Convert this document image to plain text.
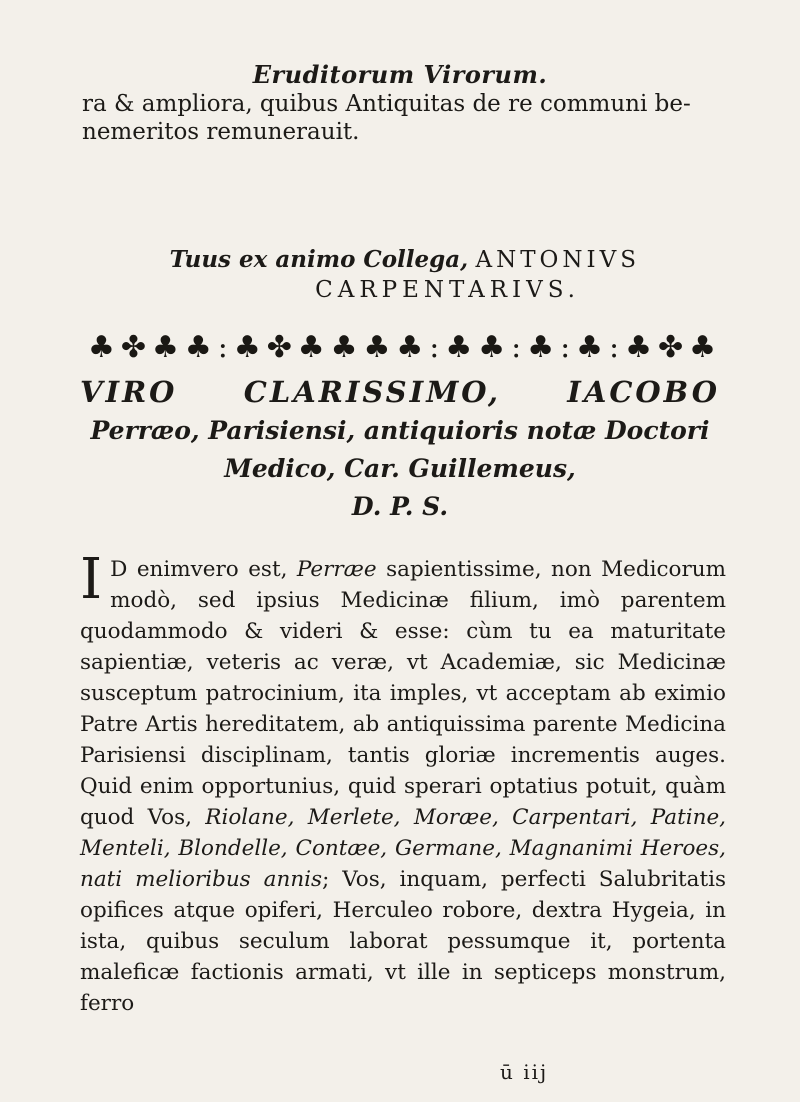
Eruditorum Virorum.
ra & ampliora, quibus Antiquitas de re communi be-nemeritos remunerauit.
Tuus ex animo Collega, ANTONIVS
CARPENTARIVS.
♣ ✤ ♣ ♣ : ♣ ✤ ♣ ♣ ♣ ♣ : ♣ ♣ : ♣ : ♣ : ♣ ✤ ♣
VIRO CLARISSIMO, IACOBO
Perræo, Parisiensi, antiquioris notæ Doctori
Medico, Car. Guillemeus,
D. P. S.

I D enimvero est, Perræe sapientissime, non Medicorum modò, sed ipsius Medicinæ filium, imò parentem quodammodo & videri & esse: cùm tu ea maturitate sapientiæ, veteris ac veræ, vt Academiæ, sic Medicinæ susceptum patrocinium, ita imples, vt acceptam ab eximio Patre Artis hereditatem, ab antiquissima parente Medicina Parisiensi disciplinam, tantis gloriæ incrementis auges. Quid enim opportunius, quid sperari optatius potuit, quàm quod Vos, Riolane, Merlete, Moræe, Carpentari, Patine, Menteli, Blondelle, Contæe, Germane, Magnanimi Heroes, nati melioribus annis; Vos, inquam, perfecti Salubritatis opifices atque opiferi, Herculeo robore, dextra Hygeia, in ista, quibus seculum laborat pessumque it, portenta maleficæ factionis armati, vt ille in septiceps monstrum, ferro

ū iij
